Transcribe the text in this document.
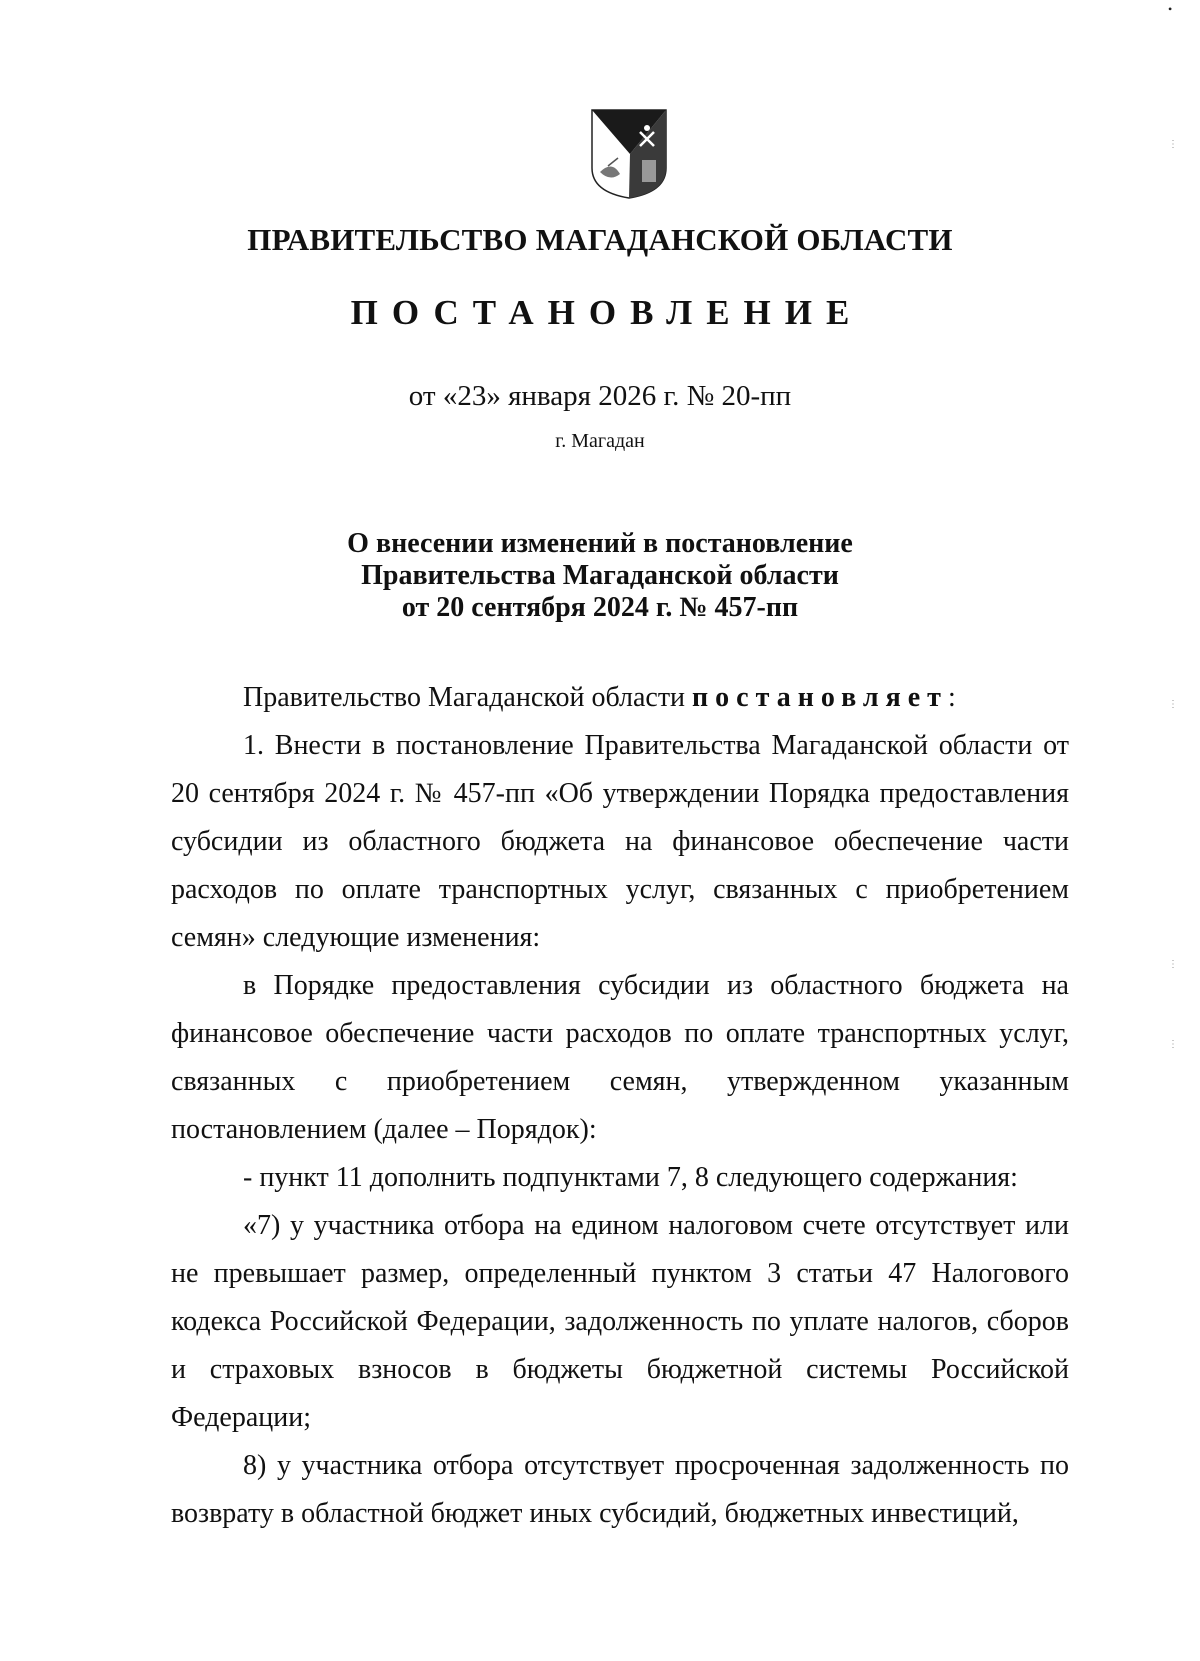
ПРАВИТЕЛЬСТВО МАГАДАНСКОЙ ОБЛАСТИ
ПОСТАНОВЛЕНИЕ
от «23» января 2026 г. № 20-пп
г. Магадан
О внесении изменений в постановление
Правительства Магаданской области
от 20 сентября 2024 г. № 457-пп

Правительство Магаданской области постановляет:

1. Внести в постановление Правительства Магаданской области от 20 сентября 2024 г. № 457-пп «Об утверждении Порядка предоставления субсидии из областного бюджета на финансовое обеспечение части расходов по оплате транспортных услуг, связанных с приобретением семян» следующие изменения:

в Порядке предоставления субсидии из областного бюджета на финансовое обеспечение части расходов по оплате транспортных услуг, связанных с приобретением семян, утвержденном указанным постановлением (далее – Порядок):

- пункт 11 дополнить подпунктами 7, 8 следующего содержания:

«7) у участника отбора на едином налоговом счете отсутствует или не превышает размер, определенный пунктом 3 статьи 47 Налогового кодекса Российской Федерации, задолженность по уплате налогов, сборов и страховых взносов в бюджеты бюджетной системы Российской Федерации;

8) у участника отбора отсутствует просроченная задолженность по возврату в областной бюджет иных субсидий, бюджетных инвестиций,

•
⋮
⋮
⋮
⋮
